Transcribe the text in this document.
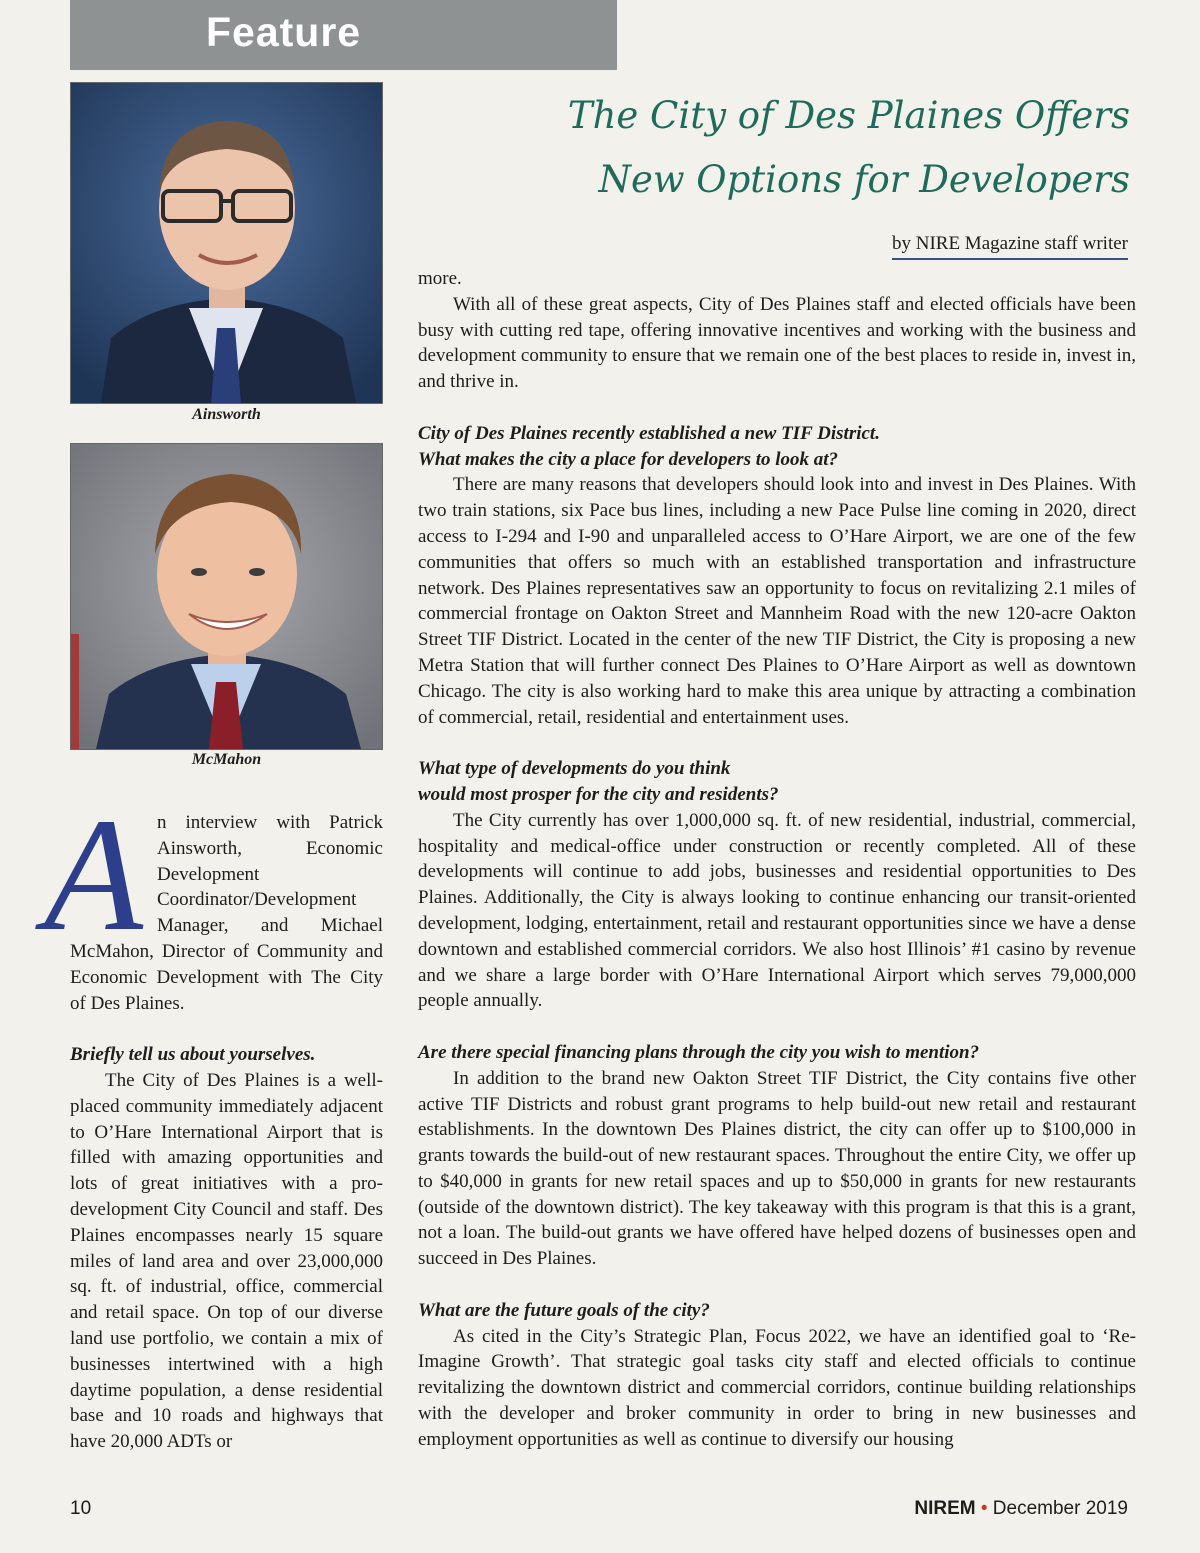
Feature
The City of Des Plaines Offers
New Options for Developers
by NIRE Magazine staff writer
Ainsworth
McMahon

An interview with Patrick Ainsworth, Economic Development Coordinator/Development Manager, and Michael McMahon, Director of Community and Economic Development with The City of Des Plaines.

Briefly tell us about yourselves.

The City of Des Plaines is a well-placed community immediately adjacent to O’Hare International Airport that is filled with amazing opportunities and lots of great initiatives with a pro-development City Council and staff. Des Plaines encompasses nearly 15 square miles of land area and over 23,000,000 sq. ft. of industrial, office, commercial and retail space. On top of our diverse land use portfolio, we contain a mix of businesses intertwined with a high daytime population, a dense residential base and 10 roads and highways that have 20,000 ADTs or

more.

With all of these great aspects, City of Des Plaines staff and elected officials have been busy with cutting red tape, offering innovative incentives and working with the business and development community to ensure that we remain one of the best places to reside in, invest in, and thrive in.

City of Des Plaines recently established a new TIF District.

What makes the city a place for developers to look at?

There are many reasons that developers should look into and invest in Des Plaines. With two train stations, six Pace bus lines, including a new Pace Pulse line coming in 2020, direct access to I-294 and I-90 and unparalleled access to O’Hare Airport, we are one of the few communities that offers so much with an established transportation and infrastructure network. Des Plaines representatives saw an opportunity to focus on revitalizing 2.1 miles of commercial frontage on Oakton Street and Mannheim Road with the new 120-acre Oakton Street TIF District. Located in the center of the new TIF District, the City is proposing a new Metra Station that will further connect Des Plaines to O’Hare Airport as well as downtown Chicago. The city is also working hard to make this area unique by attracting a combination of commercial, retail, residential and entertainment uses.

What type of developments do you think

would most prosper for the city and residents?

The City currently has over 1,000,000 sq. ft. of new residential, industrial, commercial, hospitality and medical-office under construction or recently completed. All of these developments will continue to add jobs, businesses and residential opportunities to Des Plaines. Additionally, the City is always looking to continue enhancing our transit-oriented development, lodging, entertainment, retail and restaurant opportunities since we have a dense downtown and established commercial corridors. We also host Illinois’ #1 casino by revenue and we share a large border with O’Hare International Airport which serves 79,000,000 people annually.

Are there special financing plans through the city you wish to mention?

In addition to the brand new Oakton Street TIF District, the City contains five other active TIF Districts and robust grant programs to help build-out new retail and restaurant establishments. In the downtown Des Plaines district, the city can offer up to $100,000 in grants towards the build-out of new restaurant spaces. Throughout the entire City, we offer up to $40,000 in grants for new retail spaces and up to $50,000 in grants for new restaurants (outside of the downtown district). The key takeaway with this program is that this is a grant, not a loan. The build-out grants we have offered have helped dozens of businesses open and succeed in Des Plaines.

What are the future goals of the city?

As cited in the City’s Strategic Plan, Focus 2022, we have an identified goal to ‘Re-Imagine Growth’. That strategic goal tasks city staff and elected officials to continue revitalizing the downtown district and commercial corridors, continue building relationships with the developer and broker community in order to bring in new businesses and employment opportunities as well as continue to diversify our housing

10	NIREM • December 2019
